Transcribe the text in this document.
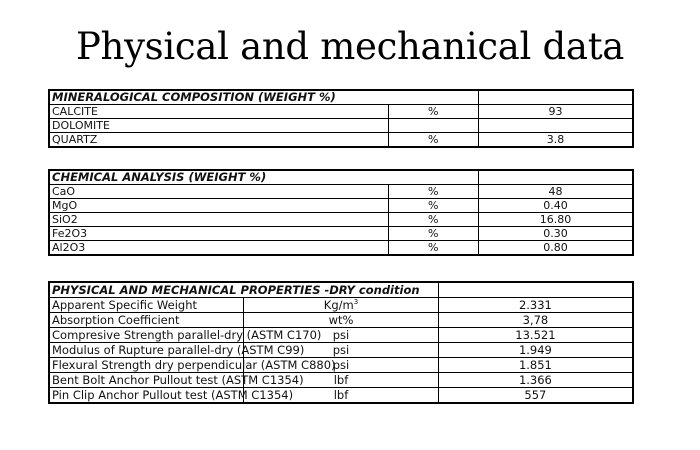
Physical and mechanical data
MINERALOGICAL COMPOSITION (WEIGHT %)		
CALCITE	%	93
DOLOMITE		
QUARTZ	%	3.8
CHEMICAL ANALYSIS (WEIGHT %)		
CaO	%	48
MgO	%	0.40
SiO2	%	16.80
Fe2O3	%	0.30
Al2O3	%	0.80
PHYSICAL AND MECHANICAL PROPERTIES -DRY condition		
Apparent Specific Weight	$Kg/m^3$	2.331
Absorption Coefficient	wt%	3,78
Compresive Strength parallel-dry (ASTM C170)	psi	13.521
Modulus of Rupture parallel-dry (ASTM C99)	psi	1.949
Flexural Strength dry perpendicular (ASTM C880)	psi	1.851
Bent Bolt Anchor Pullout test (ASTM C1354)	lbf	1.366
Pin Clip Anchor Pullout test (ASTM C1354)	lbf	557
